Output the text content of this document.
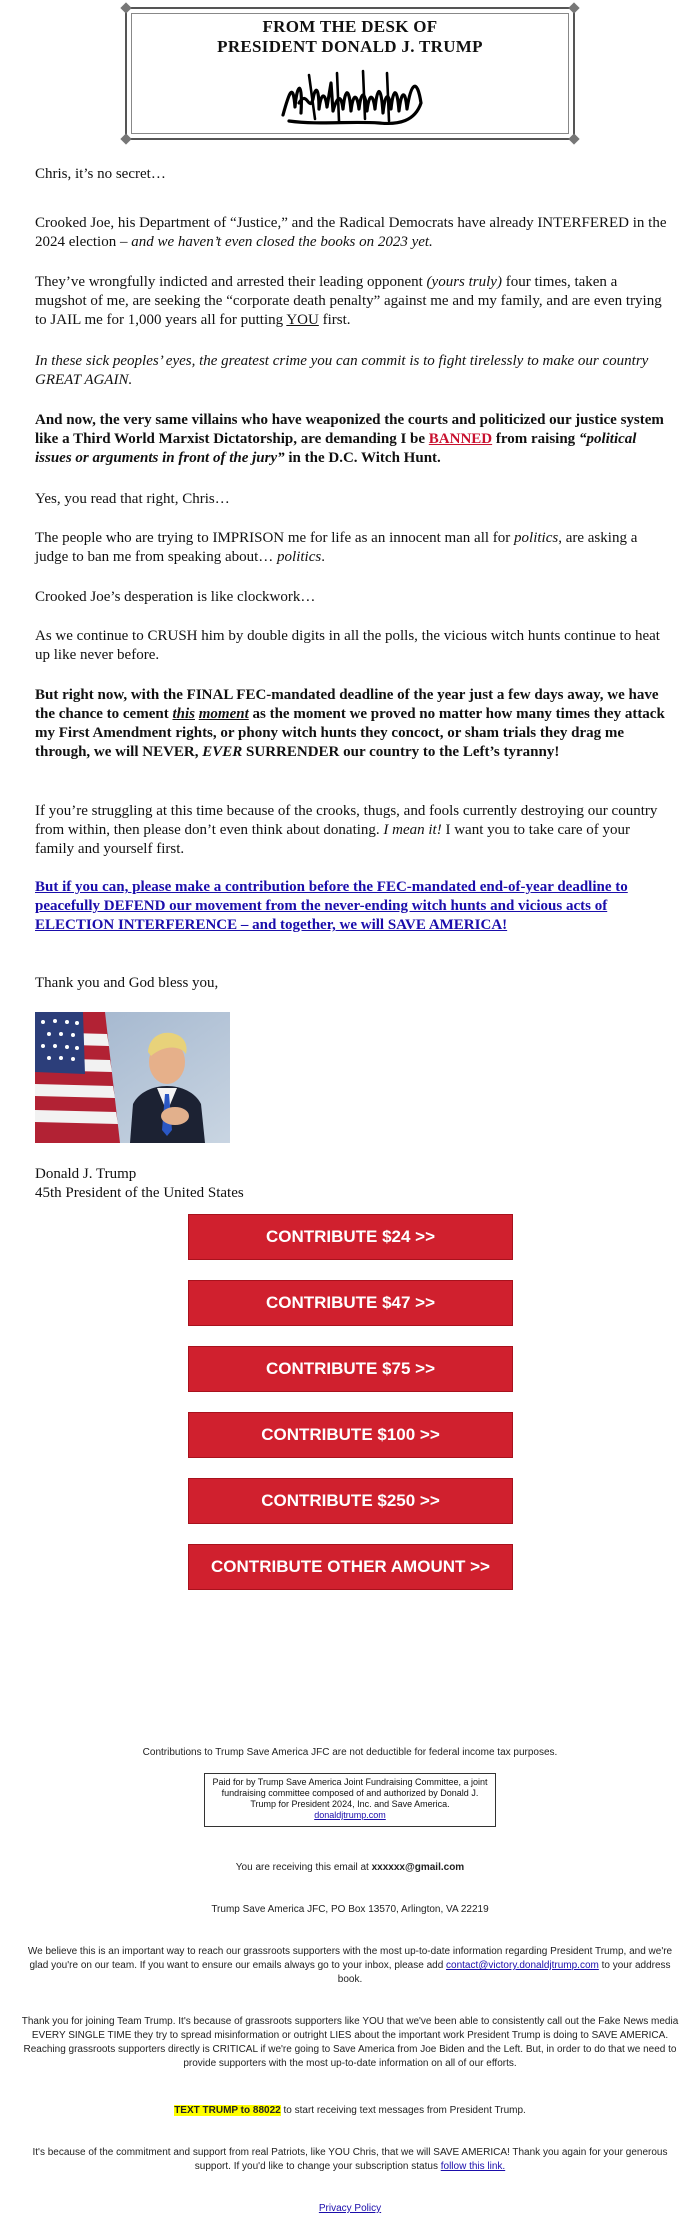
FROM THE DESK OF
PRESIDENT DONALD J. TRUMP

Chris, it’s no secret…

Crooked Joe, his Department of “Justice,” and the Radical Democrats have already INTERFERED in the 2024 election – and we haven’t even closed the books on 2023 yet.

They’ve wrongfully indicted and arrested their leading opponent (yours truly) four times, taken a mugshot of me, are seeking the “corporate death penalty” against me and my family, and are even trying to JAIL me for 1,000 years all for putting YOU first.

In these sick peoples’ eyes, the greatest crime you can commit is to fight tirelessly to make our country GREAT AGAIN.

And now, the very same villains who have weaponized the courts and politicized our justice system like a Third World Marxist Dictatorship, are demanding I be BANNED from raising “political issues or arguments in front of the jury” in the D.C. Witch Hunt.

Yes, you read that right, Chris…

The people who are trying to IMPRISON me for life as an innocent man all for politics, are asking a judge to ban me from speaking about… politics.

Crooked Joe’s desperation is like clockwork…

As we continue to CRUSH him by double digits in all the polls, the vicious witch hunts continue to heat up like never before.

But right now, with the FINAL FEC-mandated deadline of the year just a few days away, we have the chance to cement this moment as the moment we proved no matter how many times they attack my First Amendment rights, or phony witch hunts they concoct, or sham trials they drag me through, we will NEVER, EVER SURRENDER our country to the Left’s tyranny!

If you’re struggling at this time because of the crooks, thugs, and fools currently destroying our country from within, then please don’t even think about donating. I mean it! I want you to take care of your family and yourself first.

But if you can, please make a contribution before the FEC-mandated end-of-year deadline to peacefully DEFEND our movement from the never-ending witch hunts and vicious acts of ELECTION INTERFERENCE – and together, we will SAVE AMERICA!

Thank you and God bless you,

Donald J. Trump
45th President of the United States
CONTRIBUTE $24 >>
CONTRIBUTE $47 >>
CONTRIBUTE $75 >>
CONTRIBUTE $100 >>
CONTRIBUTE $250 >>
CONTRIBUTE OTHER AMOUNT >>
Contributions to Trump Save America JFC are not deductible for federal income tax purposes.
Paid for by Trump Save America Joint Fundraising Committee, a joint fundraising committee composed of and authorized by Donald J. Trump for President 2024, Inc. and Save America.
donaldjtrump.com
You are receiving this email at xxxxxx@gmail.com
Trump Save America JFC, PO Box 13570, Arlington, VA 22219
We believe this is an important way to reach our grassroots supporters with the most up-to-date information regarding President Trump, and we're glad you're on our team. If you want to ensure our emails always go to your inbox, please add contact@victory.donaldjtrump.com to your address book.
Thank you for joining Team Trump. It's because of grassroots supporters like YOU that we've been able to consistently call out the Fake News media EVERY SINGLE TIME they try to spread misinformation or outright LIES about the important work President Trump is doing to SAVE AMERICA. Reaching grassroots supporters directly is CRITICAL if we're going to Save America from Joe Biden and the Left. But, in order to do that we need to provide supporters with the most up-to-date information on all of our efforts.
TEXT TRUMP to 88022 to start receiving text messages from President Trump.
It's because of the commitment and support from real Patriots, like YOU Chris, that we will SAVE AMERICA! Thank you again for your generous support. If you'd like to change your subscription status follow this link.
Privacy Policy
